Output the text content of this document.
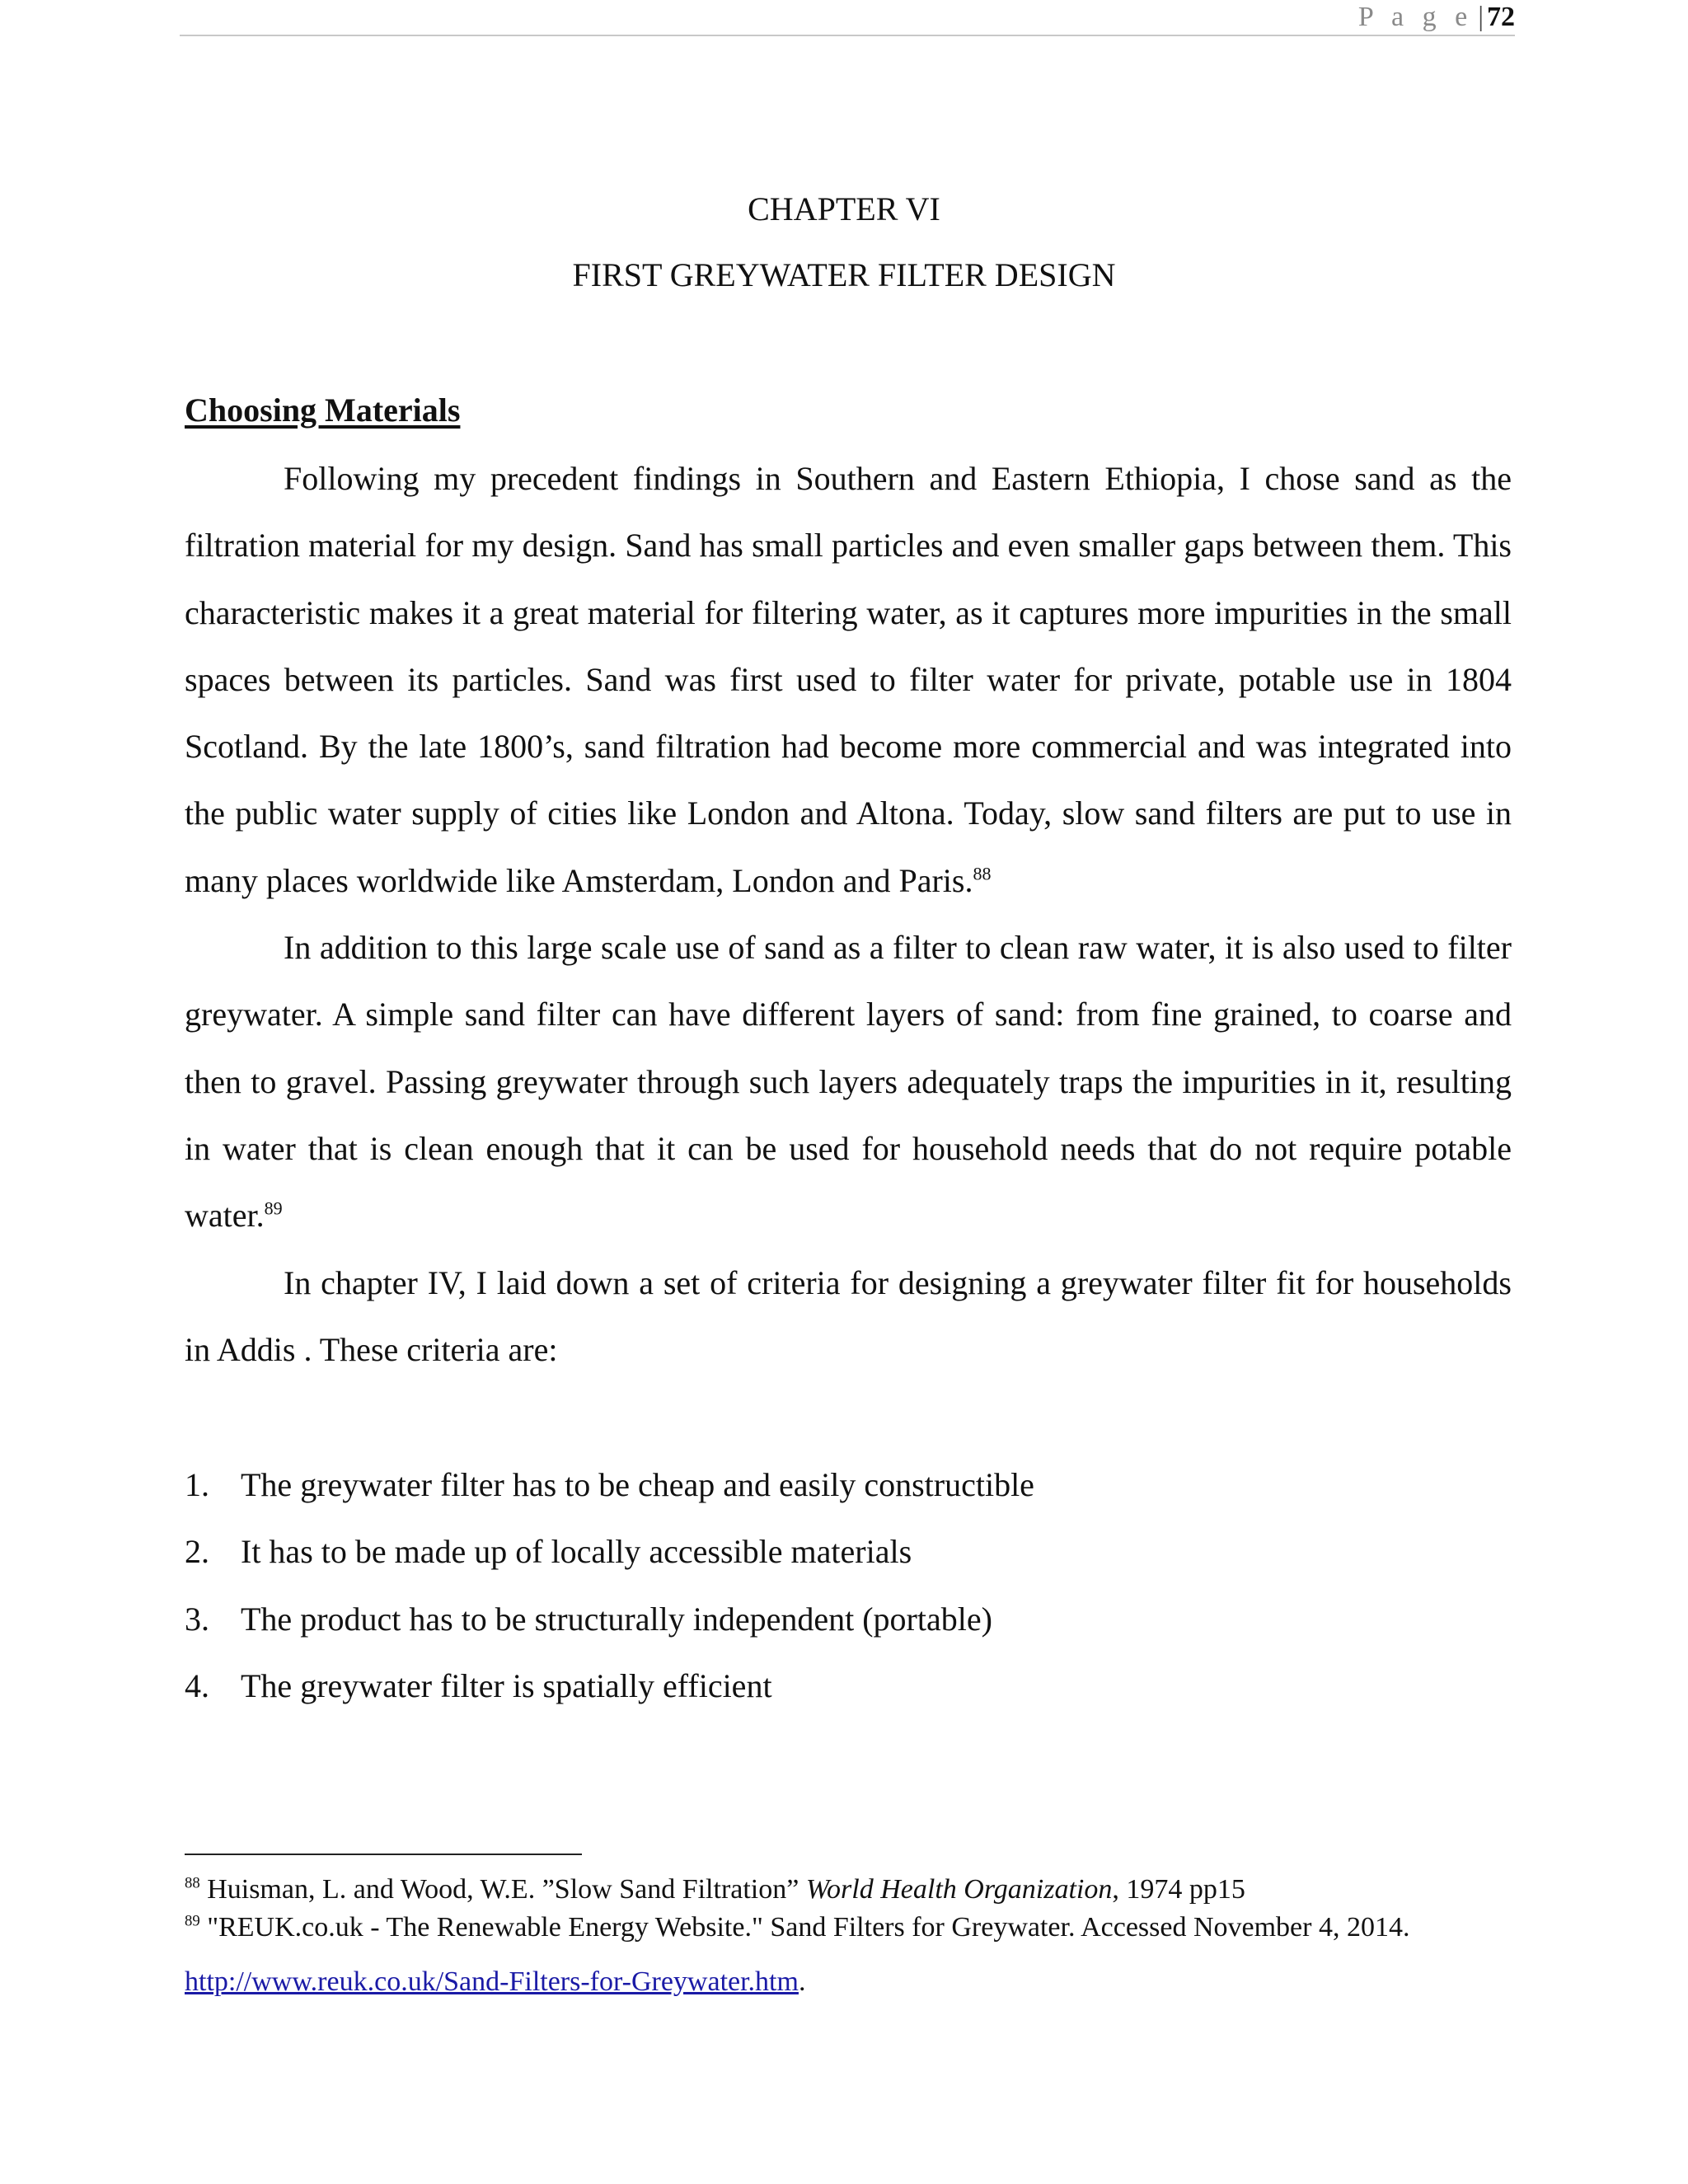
P a g e | 72
CHAPTER VI
FIRST GREYWATER FILTER DESIGN
Choosing Materials

Following my precedent findings in Southern and Eastern Ethiopia, I chose sand as the filtration material for my design. Sand has small particles and even smaller gaps between them. This characteristic makes it a great material for filtering water, as it captures more impurities in the small spaces between its particles. Sand was first used to filter water for private, potable use in 1804 Scotland. By the late 1800’s, sand filtration had become more commercial and was integrated into the public water supply of cities like London and Altona. Today, slow sand filters are put to use in many places worldwide like Amsterdam, London and Paris.$^{88}$

In addition to this large scale use of sand as a filter to clean raw water, it is also used to filter greywater. A simple sand filter can have different layers of sand: from fine grained, to coarse and then to gravel. Passing greywater through such layers adequately traps the impurities in it, resulting in water that is clean enough that it can be used for household needs that do not require potable water.$^{89}$

In chapter IV, I laid down a set of criteria for designing a greywater filter fit for households in Addis . These criteria are:

1. The greywater filter has to be cheap and easily constructible
2. It has to be made up of locally accessible materials
3. The product has to be structurally independent (portable)
4. The greywater filter is spatially efficient

$^{88}$ Huisman, L. and Wood, W.E. ”Slow Sand Filtration” World Health Organization, 1974 pp15

$^{89}$ "REUK.co.uk - The Renewable Energy Website." Sand Filters for Greywater. Accessed November 4, 2014.

http://www.reuk.co.uk/Sand-Filters-for-Greywater.htm.
